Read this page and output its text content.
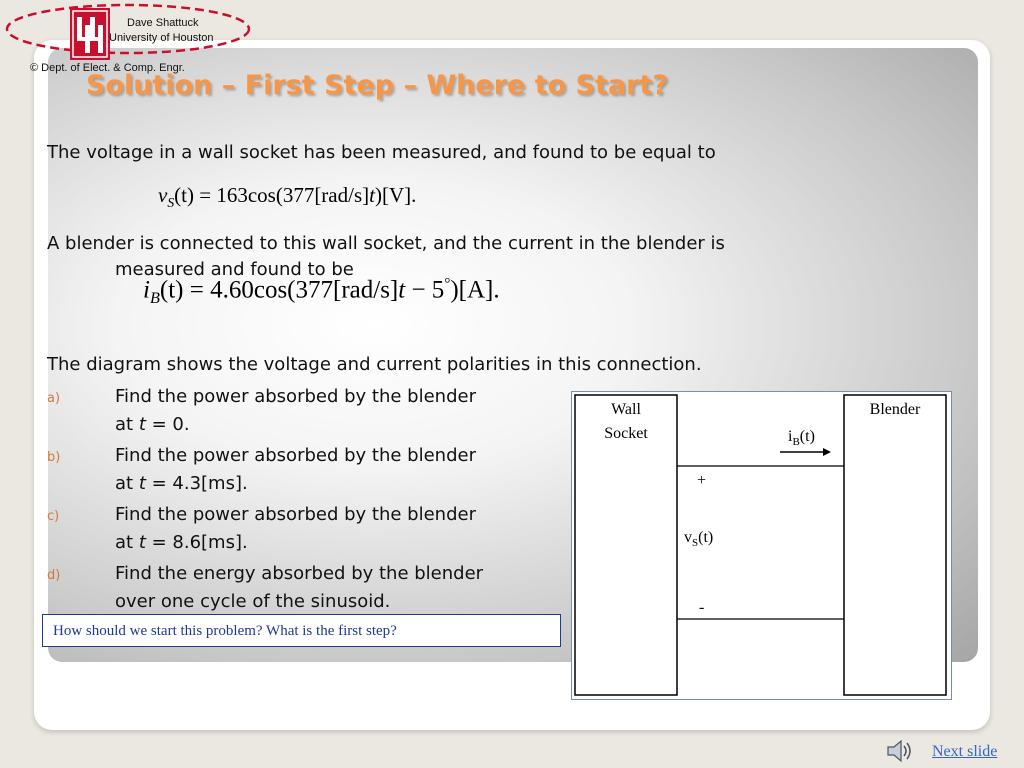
Dave Shattuck
University of Houston
© Dept. of Elect. & Comp. Engr.
Solution – First Step – Where to Start?
The voltage in a wall socket has been measured, and found to be equal to
$v_S(t) = 163\cos(377[rad/s]t)[V]$.
A blender is connected to this wall socket, and the current in the blender is
measured and found to be
$i_B(t) = 4.60\cos(377[rad/s]t - 5^\circ)[A]$.
The diagram shows the voltage and current polarities in this connection.
a)	Find the power absorbed by the blender
at t = 0.
b)	Find the power absorbed by the blender
at t = 4.3[ms].
c)	Find the power absorbed by the blender
at t = 8.6[ms].
d)	Find the energy absorbed by the blender
over one cycle of the sinusoid.
Wall
Socket
Blender
$i_B(t)$
+
$v_S(t)$
-
How should we start this problem? What is the first step?
Next slide
